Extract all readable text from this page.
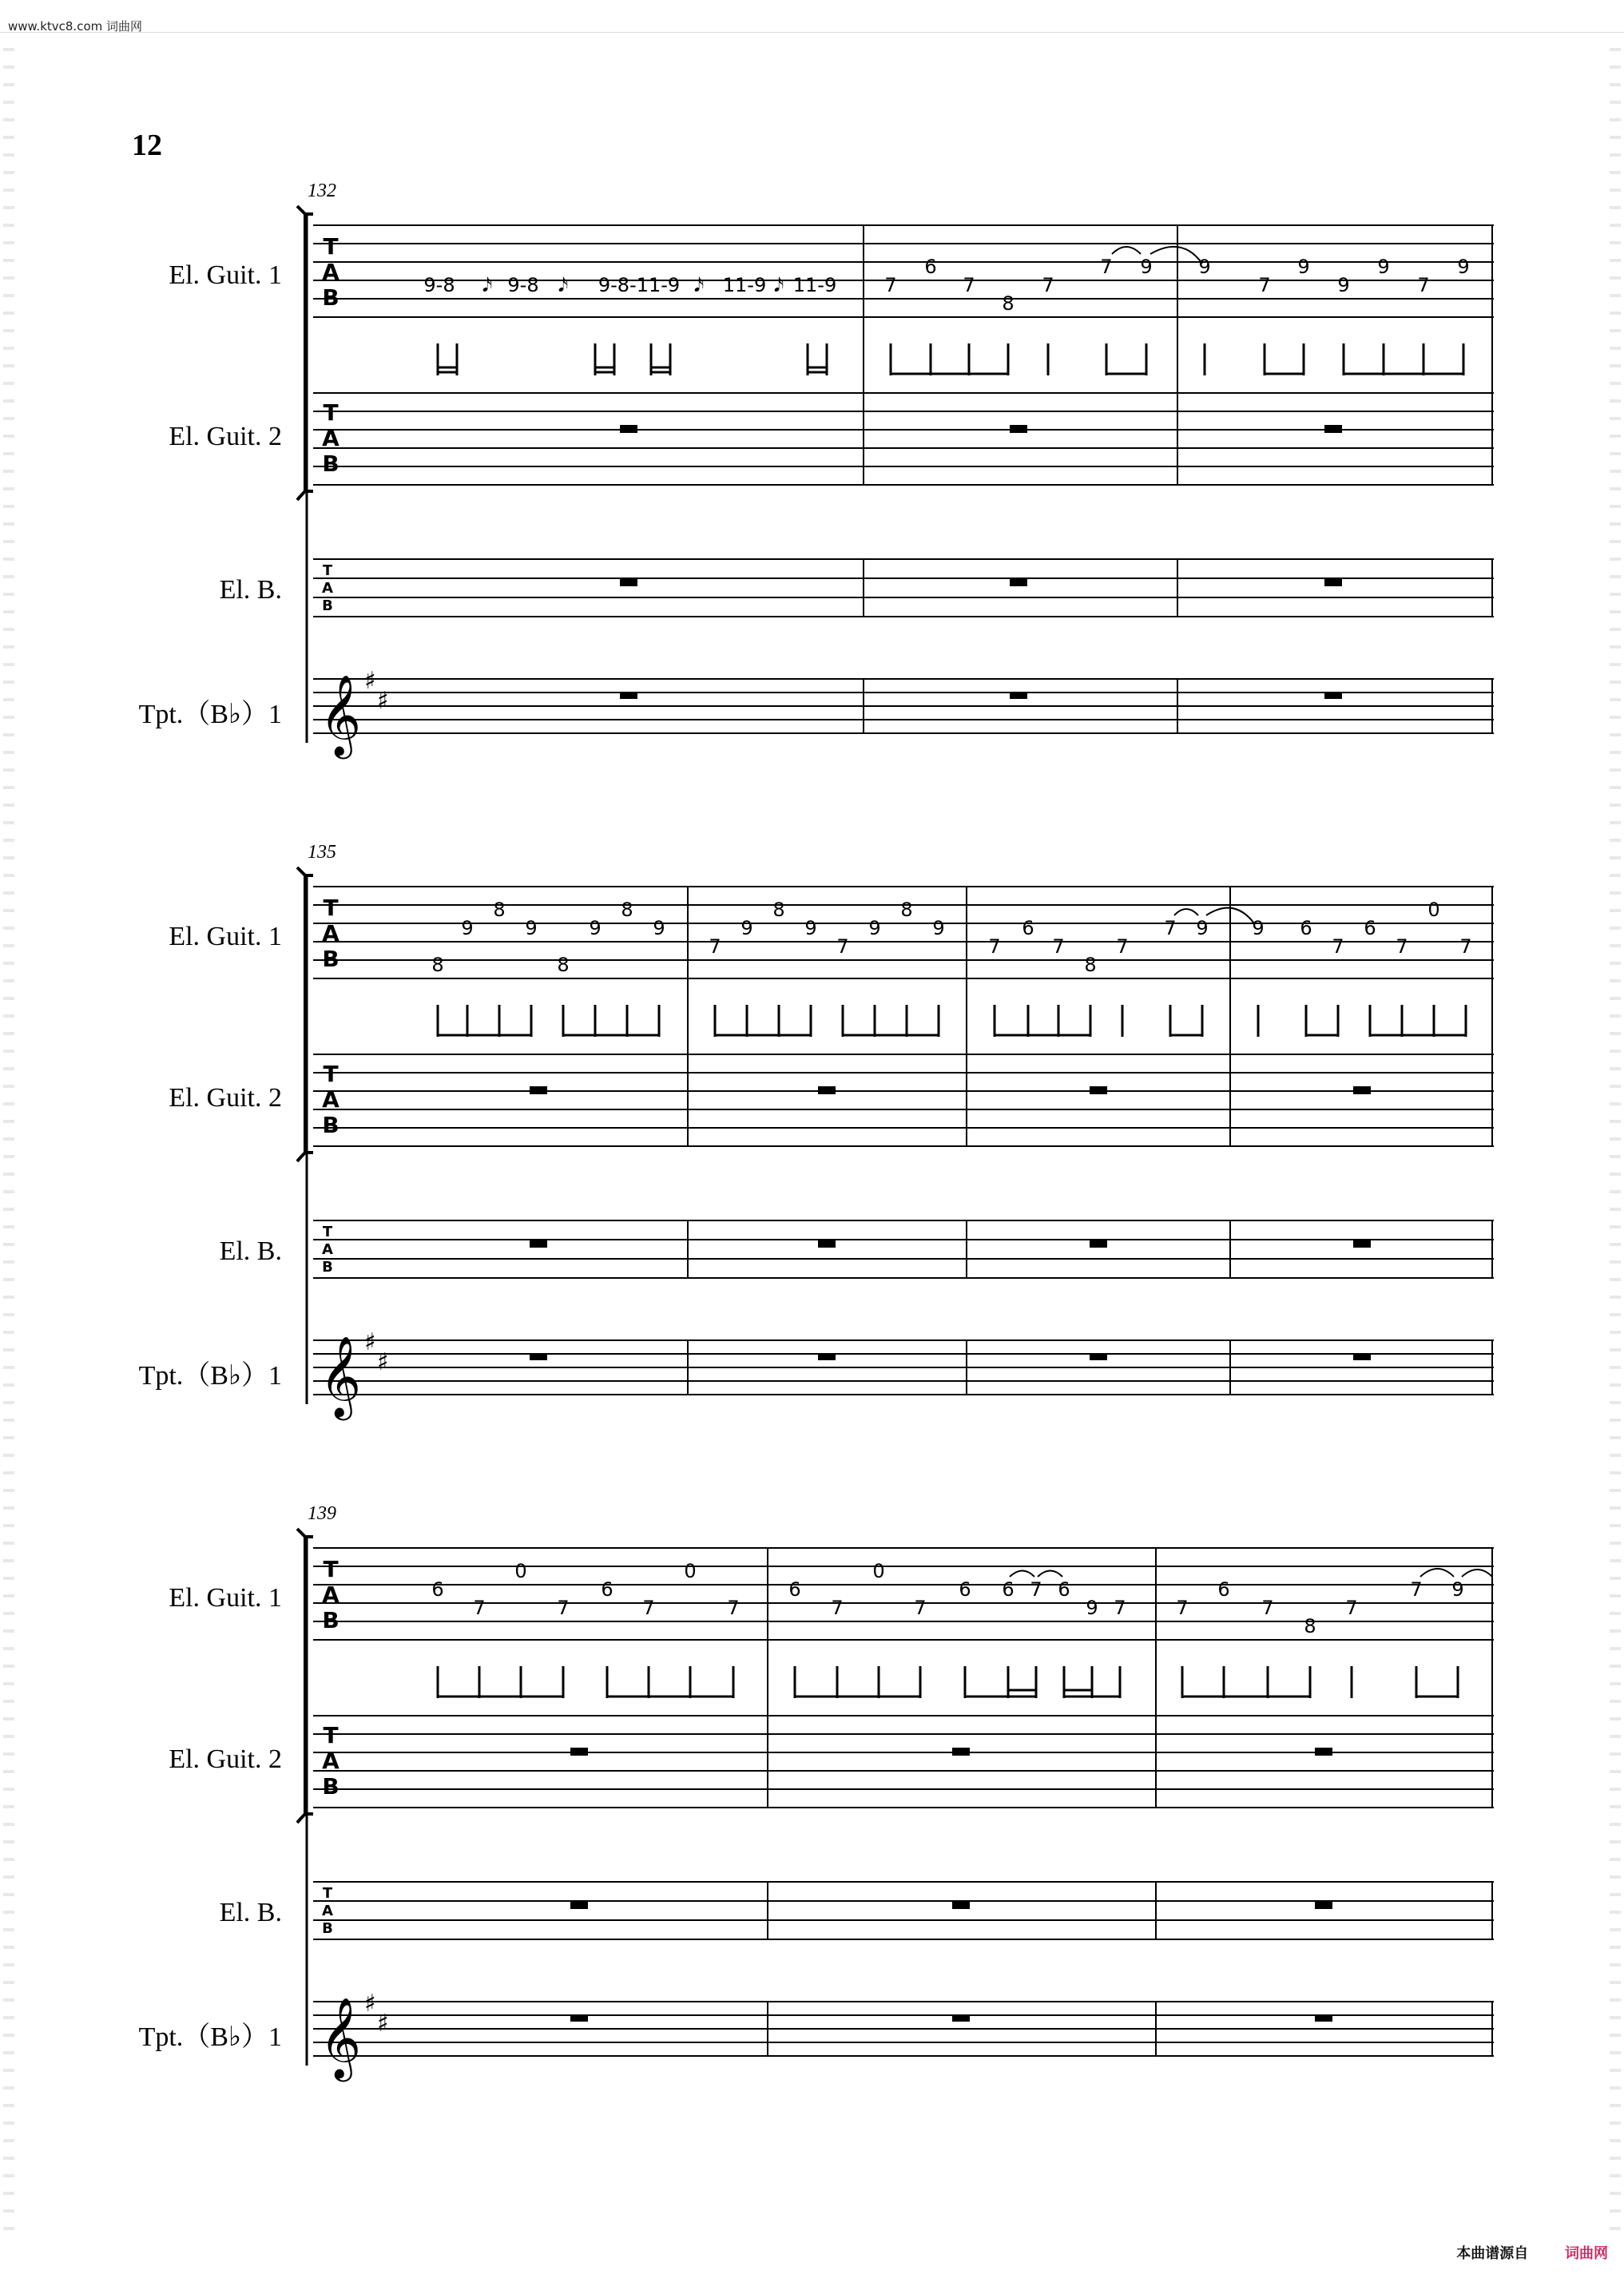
www.ktvc8.com 词曲网
12
132
El. Guit. 1
El. Guit. 2
El. B.
Tpt.（B♭）1
T
A
B
T
A
B
T
A
B
𝄞 ♯
♯
9-8 𝅘𝅥𝅯 9-8 𝅘𝅥𝅯 9-8-11-9 𝅘𝅥𝅯 11-9 𝅘𝅥𝅯 11-9	7
6
7
8
7
7 9 9
7
9
9
9
7
9
135
El. Guit. 1
El. Guit. 2
El. B.
Tpt.（B♭）1
T
A
B
T
A
B
T
A
B
𝄞 ♯
♯
8
9
8
9
8
9
8
9
7
9
8
9
7
9
8
9
7
6
7
8
7
7 9 9 6
7
6
7
0
7
139
El. Guit. 1
El. Guit. 2
El. B.
Tpt.（B♭）1
T
A
B
T
A
B
T
A
B
𝄞 ♯
♯
6
7
0
7
6
7
0
7
6
7
0
7
6 6 7 6
9 7	7
6
7
8
7
7 9
本曲谱源自	词曲网
